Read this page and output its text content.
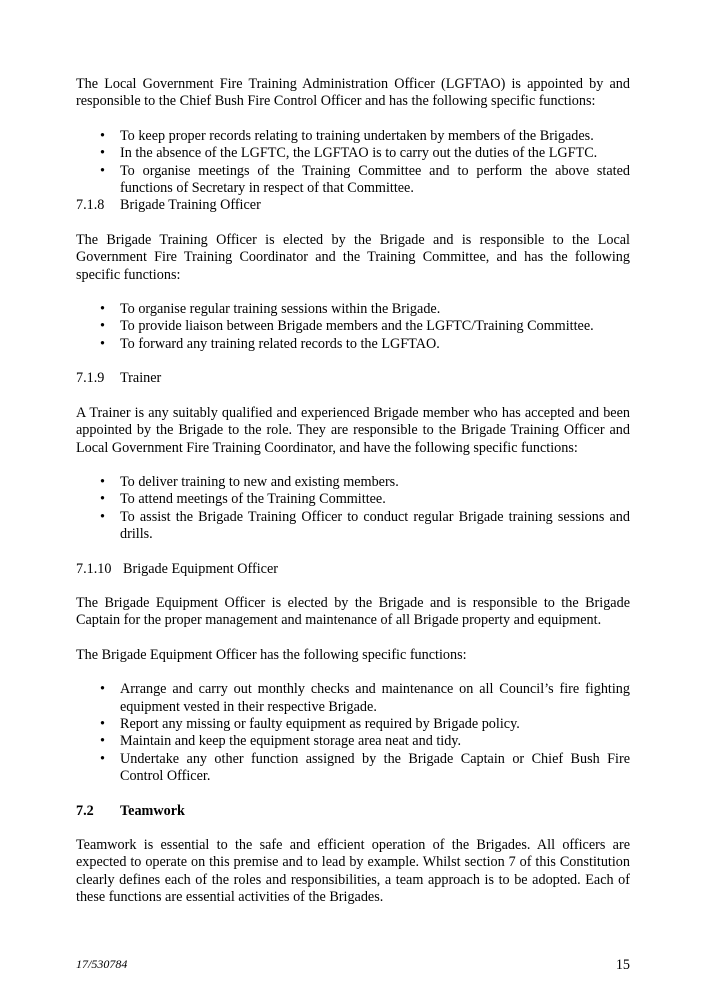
The Local Government Fire Training Administration Officer (LGFTAO) is appointed by and responsible to the Chief Bush Fire Control Officer and has the following specific functions:

• To keep proper records relating to training undertaken by members of the Brigades.
• In the absence of the LGFTC, the LGFTAO is to carry out the duties of the LGFTC.
• To organise meetings of the Training Committee and to perform the above stated functions of Secretary in respect of that Committee.
7.1.8	Brigade Training Officer

The Brigade Training Officer is elected by the Brigade and is responsible to the Local Government Fire Training Coordinator and the Training Committee, and has the following specific functions:

• To organise regular training sessions within the Brigade.
• To provide liaison between Brigade members and the LGFTC/Training Committee.
• To forward any training related records to the LGFTAO.
7.1.9	Trainer

A Trainer is any suitably qualified and experienced Brigade member who has accepted and been appointed by the Brigade to the role. They are responsible to the Brigade Training Officer and Local Government Fire Training Coordinator, and have the following specific functions:

• To deliver training to new and existing members.
• To attend meetings of the Training Committee.
• To assist the Brigade Training Officer to conduct regular Brigade training sessions and drills.
7.1.10 Brigade Equipment Officer

The Brigade Equipment Officer is elected by the Brigade and is responsible to the Brigade Captain for the proper management and maintenance of all Brigade property and equipment.

The Brigade Equipment Officer has the following specific functions:

• Arrange and carry out monthly checks and maintenance on all Council’s fire fighting equipment vested in their respective Brigade.
• Report any missing or faulty equipment as required by Brigade policy.
• Maintain and keep the equipment storage area neat and tidy.
• Undertake any other function assigned by the Brigade Captain or Chief Bush Fire Control Officer.
7.2	Teamwork

Teamwork is essential to the safe and efficient operation of the Brigades. All officers are expected to operate on this premise and to lead by example. Whilst section 7 of this Constitution clearly defines each of the roles and responsibilities, a team approach is to be adopted. Each of these functions are essential activities of the Brigades.

17/530784	15
